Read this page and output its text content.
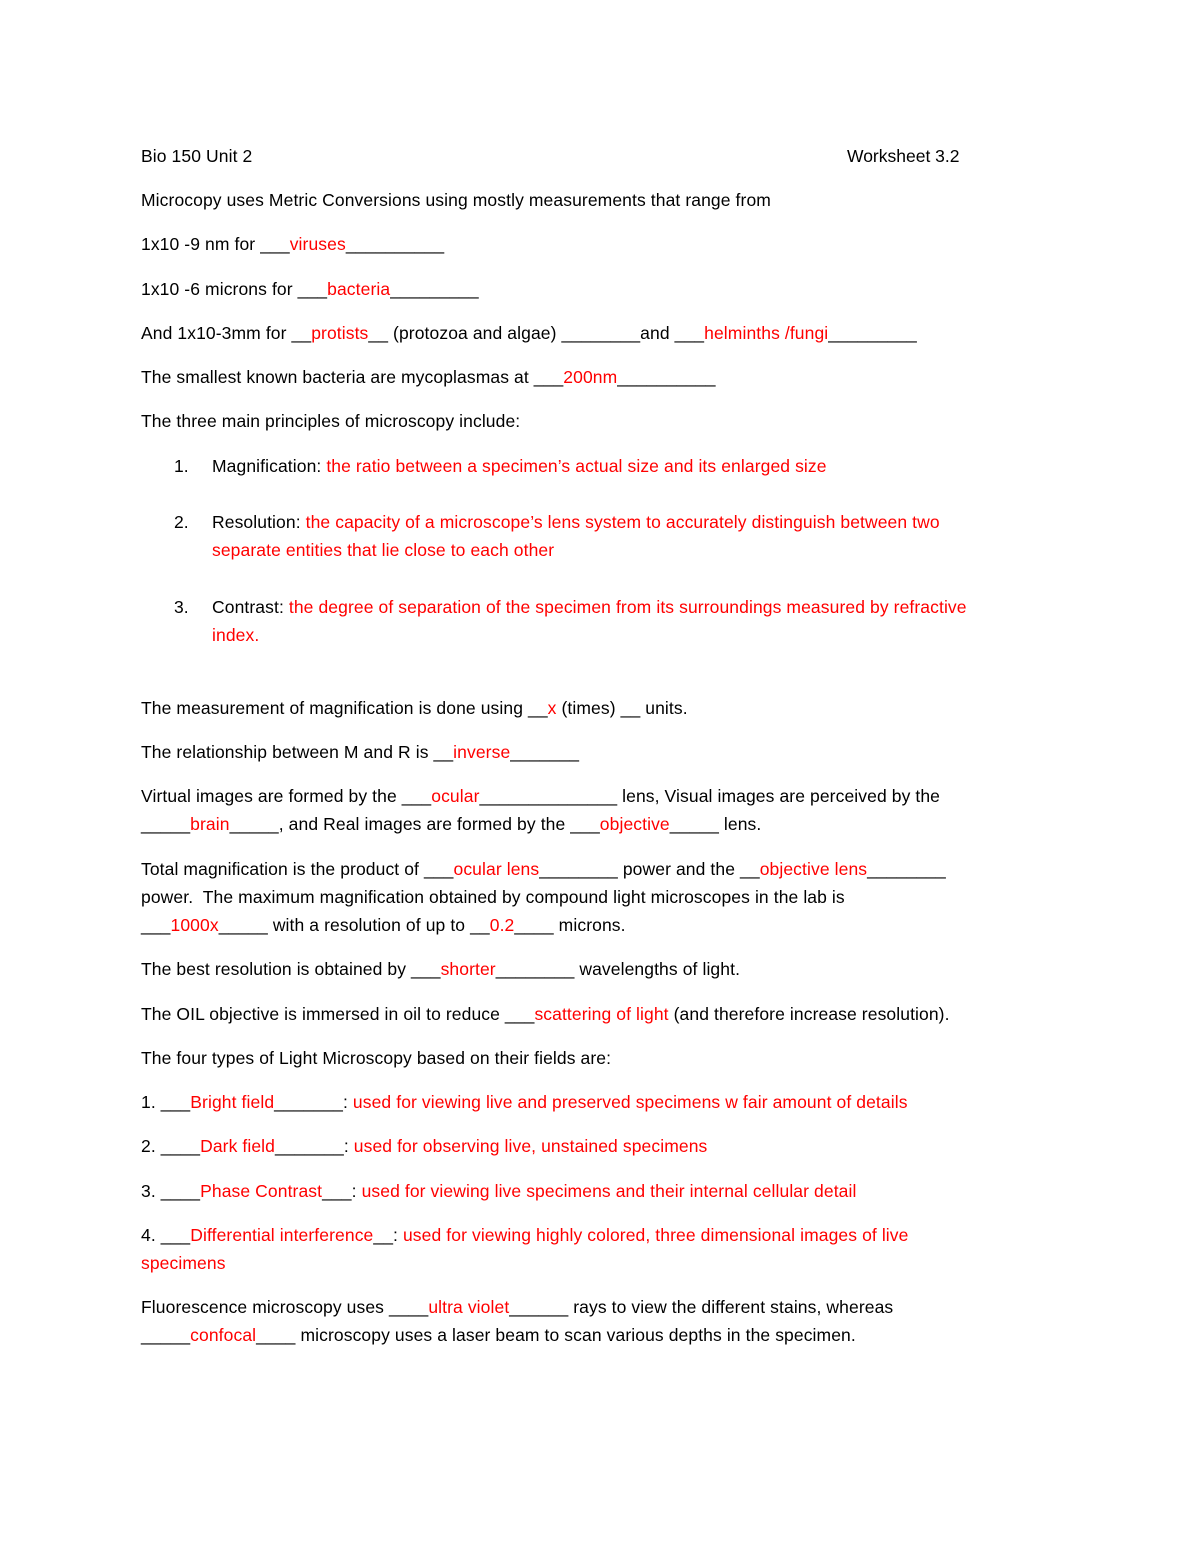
Bio 150 Unit 2	Worksheet 3.2
Microcopy uses Metric Conversions using mostly measurements that range from
1x10 -9 nm for ___viruses__________
1x10 -6 microns for ___bacteria_________
And 1x10-3mm for __protists__ (protozoa and algae) ________and ___helminths /fungi_________
The smallest known bacteria are mycoplasmas at ___200nm__________
The three main principles of microscopy include:
1. Magnification: the ratio between a specimen’s actual size and its enlarged size
2. Resolution: the capacity of a microscope’s lens system to accurately distinguish between two
separate entities that lie close to each other
3. Contrast: the degree of separation of the specimen from its surroundings measured by refractive
index.
The measurement of magnification is done using __x (times) __ units.
The relationship between M and R is __inverse_______
Virtual images are formed by the ___ocular______________ lens, Visual images are perceived by the
_____brain_____, and Real images are formed by the ___objective_____ lens.
Total magnification is the product of ___ocular lens________ power and the __objective lens________
power.  The maximum magnification obtained by compound light microscopes in the lab is
___1000x_____ with a resolution of up to __0.2____ microns.
The best resolution is obtained by ___shorter________ wavelengths of light.
The OIL objective is immersed in oil to reduce ___scattering of light (and therefore increase resolution).
The four types of Light Microscopy based on their fields are:
1. ___Bright field_______: used for viewing live and preserved specimens w fair amount of details
2. ____Dark field_______: used for observing live, unstained specimens
3. ____Phase Contrast___: used for viewing live specimens and their internal cellular detail
4. ___Differential interference__: used for viewing highly colored, three dimensional images of live
specimens
Fluorescence microscopy uses ____ultra violet______ rays to view the different stains, whereas
_____confocal____ microscopy uses a laser beam to scan various depths in the specimen.
